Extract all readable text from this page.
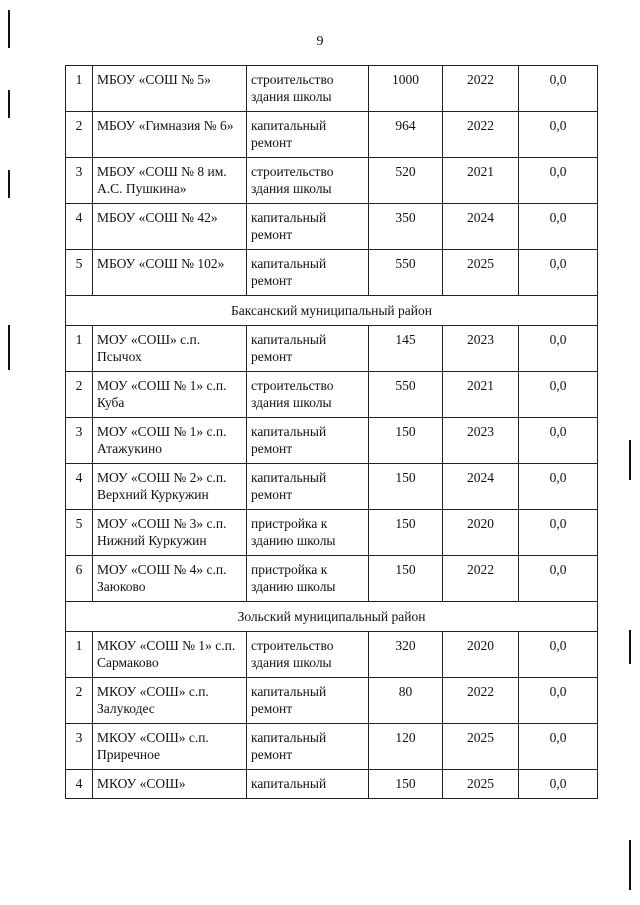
9
1	МБОУ «СОШ № 5»	строительство здания школы	1000	2022	0,0
2	МБОУ «Гимназия № 6»	капитальный ремонт	964	2022	0,0
3	МБОУ «СОШ № 8 им. А.С. Пушкина»	строительство здания школы	520	2021	0,0
4	МБОУ «СОШ № 42»	капитальный ремонт	350	2024	0,0
5	МБОУ «СОШ № 102»	капитальный ремонт	550	2025	0,0
Баксанский муниципальный район					
1	МОУ «СОШ» с.п. Псычох	капитальный ремонт	145	2023	0,0
2	МОУ «СОШ № 1» с.п. Куба	строительство здания школы	550	2021	0,0
3	МОУ «СОШ № 1» с.п. Атажукино	капитальный ремонт	150	2023	0,0
4	МОУ «СОШ № 2» с.п. Верхний Куркужин	капитальный ремонт	150	2024	0,0
5	МОУ «СОШ № 3» с.п. Нижний Куркужин	пристройка к зданию школы	150	2020	0,0
6	МОУ «СОШ № 4» с.п. Заюково	пристройка к зданию школы	150	2022	0,0
Зольский муниципальный район					
1	МКОУ «СОШ № 1» с.п. Сармаково	строительство здания школы	320	2020	0,0
2	МКОУ «СОШ» с.п. Залукодес	капитальный ремонт	80	2022	0,0
3	МКОУ «СОШ» с.п. Приречное	капитальный ремонт	120	2025	0,0
4	МКОУ «СОШ»	капитальный	150	2025	0,0
